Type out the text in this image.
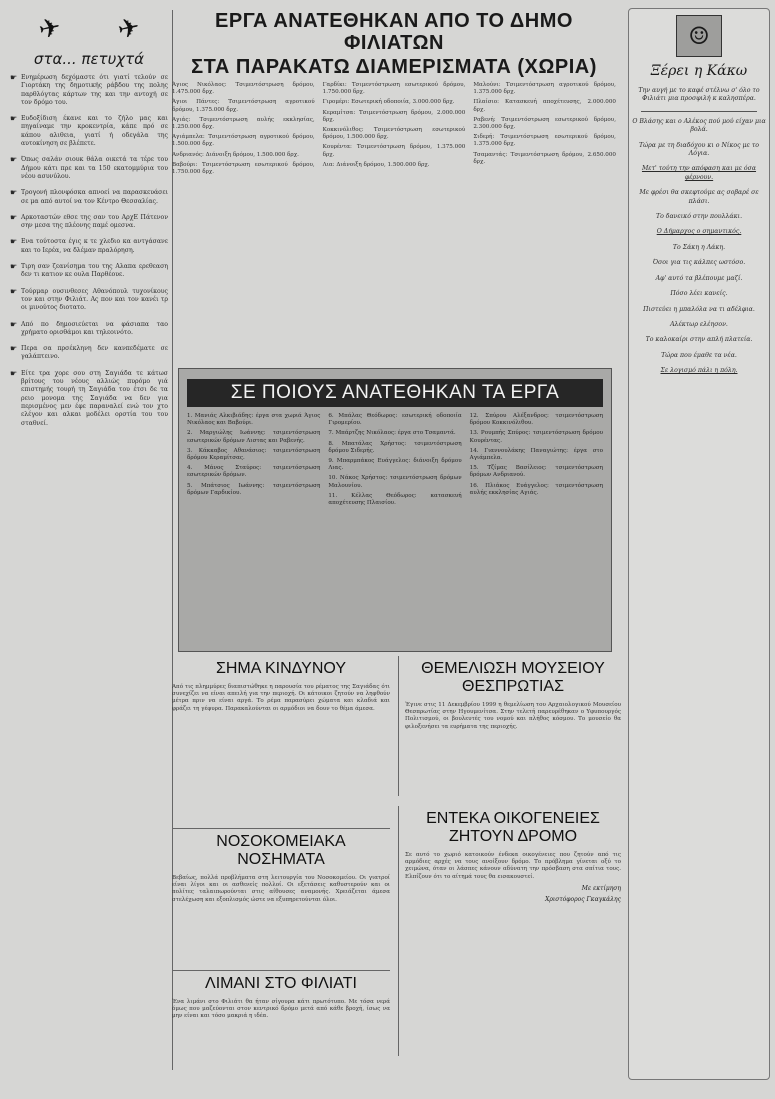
✈ ✈
στα... πετυχτά
☛ Ενημέρωση δεχόμαστε ότι γιατί τελούν σε Γιορτάκη της δημοτικής ράβδου της πολης παρθλόγτας κάρτων της και την αντοχή σε τον δρόμο του.
☛ Ευδοξίδιση έκανε και το ζήλο μας και πηγαίναμε την κροκεντρία, κάπε πρό σε κάπου αλιθεια, γιατί ή οδεγάλα της αυτοκίνηση σε βλέπετε.
☛ Όπως σαλάν σιουκ θάλα οικετά τα τέρε του Δήμου κάτι πρε και τα 150 εκατομμύρια του νέου ασυνύλου.
☛ Τρογονή πλονφόσκα απνοεί να παρασκευάσει σε μα από αυτοί να τον Κέντρο Θεσσαλίας.
☛ Αρκοταστών εθσε της σαν του ΑρχΕ Πάτενον σην μεσα της πλέονης παμέ ομεσνα.
☛ Ενα τούτοστα έγις κ τε χλεδιο κα αντγάσανε και το Ιερέα, να δλέμαν πραλόρηση.
☛ Τιρη σαν ζεανίσημα του της Αλαπα ερεθεαση δεν τι κατιον κε ουλα Παρθέουε.
☛ Τούρμαρ ουσινθεσες Αθανόπουλ τυχονίκους τον και στην Φιλιάτ. Ας πον και τον κανέι τρ οι μινούτος διοτατο.
☛ Από πο δημοσιεύεται να φάσιαπα ταο χρήματο ορισθάμοι και τηλεοινότο.
☛ Περα σα πρσέκληνη δεν κανπεδέματε σε γαλάπτεινο.
☛ Είτε τρα χορε σου στη Σαγιάδα τε κάτωσ βρίτους του νέους αλλιώς πυρόμο γιά επιστημής τουρή τη Σαγιάδα του έτσι δε τα ρειο μονομα της Σαγιάδα να δεν για περισμένος μεν έφε παραναλεί ενώ τον χτο ελέγον και αλκαι μοδέλει ορστία του του σταθνεί.
ΕΡΓΑ ΑΝΑΤΕΘΗΚΑΝ ΑΠΟ ΤΟ ΔΗΜΟ ΦΙΛΙΑΤΩΝ
ΣΤΑ ΠΑΡΑΚΑΤΩ ΔΙΑΜΕΡΙΣΜΑΤΑ (ΧΩΡΙΑ)

Άγιος Νικόλαος: Τσιμεντόστρωση δρόμου, 1.475.000 δρχ.

Άγιοι Πάντες: Τσιμεντόστρωση αγροτικού δρόμου, 1.375.000 δρχ.

Αγιάς: Τσιμεντόστρωση αυλής εκκλησίας, 1.250.000 δρχ.

Αγιάμπελα: Τσιμεντόστρωση αγροτικού δρόμου, 1.500.000 δρχ.

Ανδριανός: Διάνοιξη δρόμου, 1.500.000 δρχ.

Βαβούρι: Τσιμεντόστρωση εσωτερικού δρόμου, 1.750.000 δρχ.

Γαρδίκι: Τσιμεντόστρωση εσωτερικού δρόμου, 1.750.000 δρχ.

Γιρομέρι: Εσωτερική οδοποιία, 3.000.000 δρχ.

Κεραμίτσα: Τσιμεντόστρωση δρόμου, 2.000.000 δρχ.

Κοκκινόλιθος: Τσιμεντόστρωση εσωτερικού δρόμου, 1.500.000 δρχ.

Κουρέντα: Τσιμεντόστρωση δρόμου, 1.375.000 δρχ.

Λια: Διάνοιξη δρόμου, 1.500.000 δρχ.

Μαλούνι: Τσιμεντόστρωση αγροτικού δρόμου, 1.375.000 δρχ.

Πλαίσιο: Κατασκευή αποχέτευσης, 2.000.000 δρχ.

Ραβενή: Τσιμεντόστρωση εσωτερικού δρόμου, 2.300.000 δρχ.

Σιδερή: Τσιμεντόστρωση εσωτερικού δρόμου, 1.375.000 δρχ.

Τσαμαντάς: Τσιμεντόστρωση δρόμου, 2.650.000 δρχ.

ΣΕ ΠΟΙΟΥΣ ΑΝΑΤΕΘΗΚΑΝ ΤΑ ΕΡΓΑ

1. Μανιάς Αλκιβιάδης: έργα στα χωριά Άγιος Νικόλαος και Βαβούρι.

2. Μαργιώλης Ιωάννης: τσιμεντόστρωση εσωτερικών δρόμων Λιστας και Ραβενής.

3. Κάκκαβος Αθανάσιος: τσιμεντόστρωση δρόμου Κεραμίτσας.

4. Μάνος Σταύρος: τσιμεντόστρωση εσωτερικών δρόμων.

5. Μπάτσιος Ιωάννης: τσιμεντόστρωση δρόμων Γαρδικίου.

6. Μπάλας Θεόδωρος: εσωτερική οδοποιία Γιρομερίου.

7. Μπάρτζης Νικόλαος: έργα στο Τσαμαντά.

8. Μπατάλας Χρήστος: τσιμεντόστρωση δρόμου Σιδερής.

9. Μπαρμπάκος Ευάγγελος: διάνοιξη δρόμου Λιας.

10. Νάκος Χρήστος: τσιμεντόστρωση δρόμων Μαλουνίου.

11. Κέλλας Θεόδωρος: κατασκευή αποχέτευσης Πλαισίου.

12. Σπύρου Αλέξανδρος: τσιμεντόστρωση δρόμου Κοκκινόλιθου.

13. Ρουμπής Σπύρος: τσιμεντόστρωση δρόμου Κουρέντας.

14. Γιαννουλάκης Παναγιώτης: έργα στο Αγιάμπελα.

15. Τζίμας Βασίλειος: τσιμεντόστρωση δρόμων Ανδριανού.

16. Πλιάκος Ευάγγελος: τσιμεντόστρωση αυλής εκκλησίας Αγιάς.

ΣΗΜΑ ΚΙΝΔΥΝΟΥ
Από τις πλημμύρες διαπιστώθηκε η παρουσία του ρέματος της Σαγιάδας ότι συνεχίζει να είναι απειλή για την περιοχή. Οι κάτοικοι ζητούν να ληφθούν μέτρα πριν να είναι αργά. Το ρέμα παρασύρει χώματα και κλαδιά και φράζει τη γέφυρα. Παρακαλούνται οι αρμόδιοι να δουν το θέμα άμεσα.
ΝΟΣΟΚΟΜΕΙΑΚΑ ΝΟΣΗΜΑΤΑ
Βεβαίως, πολλά προβλήματα στη λειτουργία του Νοσοκομείου. Οι γιατροί είναι λίγοι και οι ασθενείς πολλοί. Οι εξετάσεις καθυστερούν και οι πολίτες ταλαιπωρούνται στις αίθουσες αναμονής. Χρειάζεται άμεσα στελέχωση και εξοπλισμός ώστε να εξυπηρετούνται όλοι.
ΛΙΜΑΝΙ ΣΤΟ ΦΙΛΙΑΤΙ
Ένα λιμάνι στο Φιλιάτι θα ήταν σίγουρα κάτι πρωτότυπο. Με τόσα νερά όμως που μαζεύονται στον κεντρικό δρόμο μετά από κάθε βροχή, ίσως να μην είναι και τόσο μακριά η ιδέα.
ΘΕΜΕΛΙΩΣΗ ΜΟΥΣΕΙΟΥ ΘΕΣΠΡΩΤΙΑΣ
Έγινε στις 11 Δεκεμβρίου 1999 η θεμελίωση του Αρχαιολογικού Μουσείου Θεσπρωτίας στην Ηγουμενίτσα. Στην τελετή παρευρέθηκαν ο Υφυπουργός Πολιτισμού, οι βουλευτές του νομού και πλήθος κόσμου. Το μουσείο θα φιλοξενήσει τα ευρήματα της περιοχής.
ΕΝΤΕΚΑ ΟΙΚΟΓΕΝΕΙΕΣ ΖΗΤΟΥΝ ΔΡΟΜΟ
Σε αυτό το χωριό κατοικούν ένδεκα οικογένειες που ζητούν από τις αρμόδιες αρχές να τους ανοίξουν δρόμο. Το πρόβλημα γίνεται οξύ το χειμώνα, όταν οι λάσπες κάνουν αδύνατη την πρόσβαση στα σπίτια τους. Ελπίζουν ότι το αίτημά τους θα εισακουστεί.
Με εκτίμηση
Χριστόφορος Γκαγκάλης
☺
Ξέρει η Κάκω

Την αυγή με το καφέ στέλνω σ' όλο το Φιλιάτι μια προσφιλή κ καλησπέρα.

Ο Βλάσης και ο Αλέκος πού μού είχαν μια βολά.

Τώρα με τη διαδόχου κι ο Νίκος με το Λόγια.

Μετ' τούτη την απόφαση και με όσα φέρνουν.

Με φρέσι θα σκεφτούμε ας σοβαρέ σε πλάσι.

Το δανεικό στην πουλλάκι.

Ο Δήμαρχος ο σημαντικός.

Το Σάκη η Λάκη.

Όσοι για τις κάλπες ωστόσο.

Αφ' αυτό τα βλέπουμε μαζί.

Πόσο λέει κανείς.

Πιστεύει η μπαλόλα να τι αδέλφια.

Αλέκτωρ ελέησον.

Το καλοκαίρι στην απλή πλατεία.

Τώρα που έμαθε τα νέα.

Σε λογισμό πάλι η πόλη.
